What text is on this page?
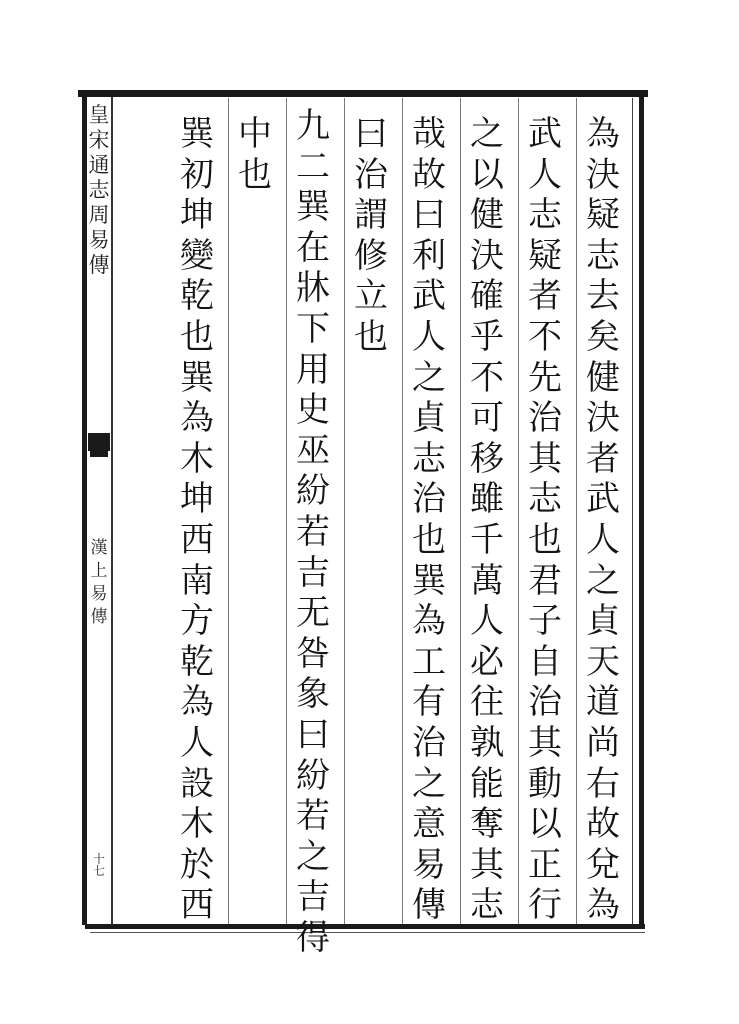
皇
宋
通
志
周
易
傳
漢
上
易
傳
十
七
為
決
疑
志
去
矣
健
決
者
武
人
之
貞
天
道
尚
右
故
兌
為
武
人
志
疑
者
不
先
治
其
志
也
君
子
自
治
其
動
以
正
行
之
以
健
決
確
乎
不
可
移
雖
千
萬
人
必
往
孰
能
奪
其
志
哉
故
曰
利
武
人
之
貞
志
治
也
巽
為
工
有
治
之
意
易
傳
曰
治
謂
修
立
也
九
二
巽
在
牀
下
用
史
巫
紛
若
吉
无
咎
象
曰
紛
若
之
吉
得
中
也
巽
初
坤
變
乾
也
巽
為
木
坤
西
南
方
乾
為
人
設
木
於
西
